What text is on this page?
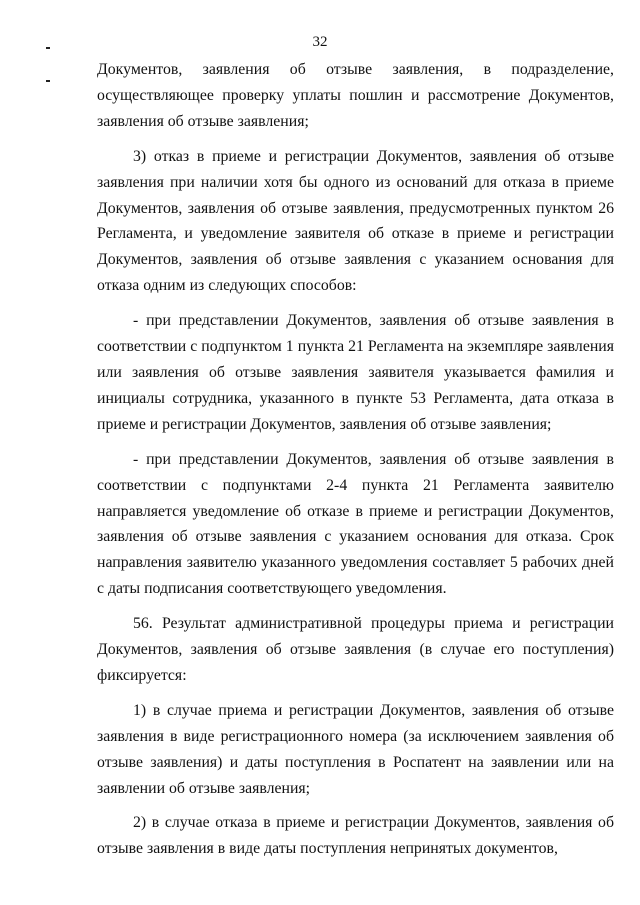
32

Документов, заявления об отзыве заявления, в подразделение, осуществляющее проверку уплаты пошлин и рассмотрение Документов, заявления об отзыве заявления;

3) отказ в приеме и регистрации Документов, заявления об отзыве заявления при наличии хотя бы одного из оснований для отказа в приеме Документов, заявления об отзыве заявления, предусмотренных пунктом 26 Регламента, и уведомление заявителя об отказе в приеме и регистрации Документов, заявления об отзыве заявления с указанием основания для отказа одним из следующих способов:

- при представлении Документов, заявления об отзыве заявления в соответствии с подпунктом 1 пункта 21 Регламента на экземпляре заявления или заявления об отзыве заявления заявителя указывается фамилия и инициалы сотрудника, указанного в пункте 53 Регламента, дата отказа в приеме и регистрации Документов, заявления об отзыве заявления;

- при представлении Документов, заявления об отзыве заявления в соответствии с подпунктами 2-4 пункта 21 Регламента заявителю направляется уведомление об отказе в приеме и регистрации Документов, заявления об отзыве заявления с указанием основания для отказа. Срок направления заявителю указанного уведомления составляет 5 рабочих дней с даты подписания соответствующего уведомления.

56. Результат административной процедуры приема и регистрации Документов, заявления об отзыве заявления (в случае его поступления) фиксируется:

1) в случае приема и регистрации Документов, заявления об отзыве заявления в виде регистрационного номера (за исключением заявления об отзыве заявления) и даты поступления в Роспатент на заявлении или на заявлении об отзыве заявления;

2) в случае отказа в приеме и регистрации Документов, заявления об отзыве заявления в виде даты поступления непринятых документов,
